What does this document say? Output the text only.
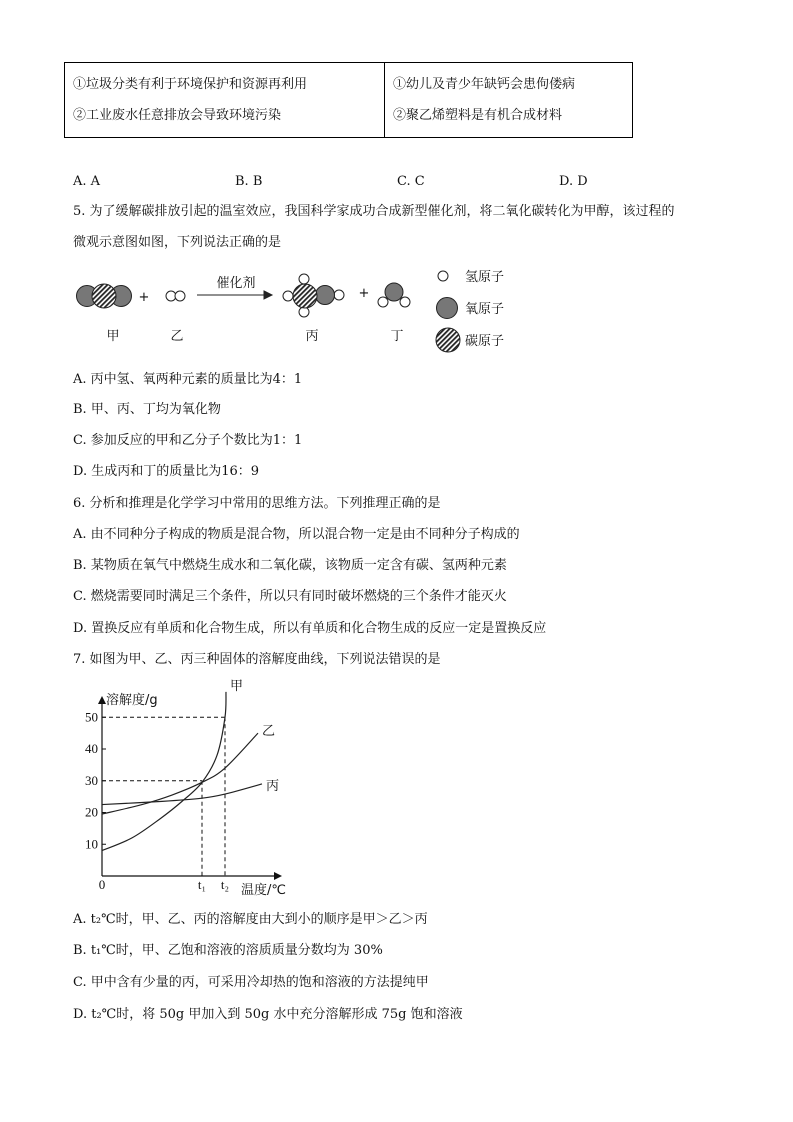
①垃圾分类有利于环境保护和资源再利用
②工业废水任意排放会导致环境污染

①幼儿及青少年缺钙会患佝偻病
②聚乙烯塑料是有机合成材料
A. A	B. B	C. C	D. D
5. 为了缓解碳排放引起的温室效应，我国科学家成功合成新型催化剂，将二氧化碳转化为甲醇，该过程的
微观示意图如图，下列说法正确的是
+	+
催化剂
甲	乙	丙	丁
氢原子
氧原子
碳原子
溶解度/g
温度/℃
0
10
20
30
40
50
t₁ t₂
甲
乙
丙
A. 丙中氢、氧两种元素的质量比为4：1
B. 甲、丙、丁均为氧化物
C. 参加反应的甲和乙分子个数比为1：1
D. 生成丙和丁的质量比为16：9
6. 分析和推理是化学学习中常用的思维方法。下列推理正确的是
A. 由不同种分子构成的物质是混合物，所以混合物一定是由不同种分子构成的
B. 某物质在氧气中燃烧生成水和二氧化碳，该物质一定含有碳、氢两种元素
C. 燃烧需要同时满足三个条件，所以只有同时破坏燃烧的三个条件才能灭火
D. 置换反应有单质和化合物生成，所以有单质和化合物生成的反应一定是置换反应
7. 如图为甲、乙、丙三种固体的溶解度曲线，下列说法错误的是
A. t₂℃时，甲、乙、丙的溶解度由大到小的顺序是甲＞乙＞丙
B. t₁℃时，甲、乙饱和溶液的溶质质量分数均为 30%
C. 甲中含有少量的丙，可采用冷却热的饱和溶液的方法提纯甲
D. t₂℃时，将 50g 甲加入到 50g 水中充分溶解形成 75g 饱和溶液
